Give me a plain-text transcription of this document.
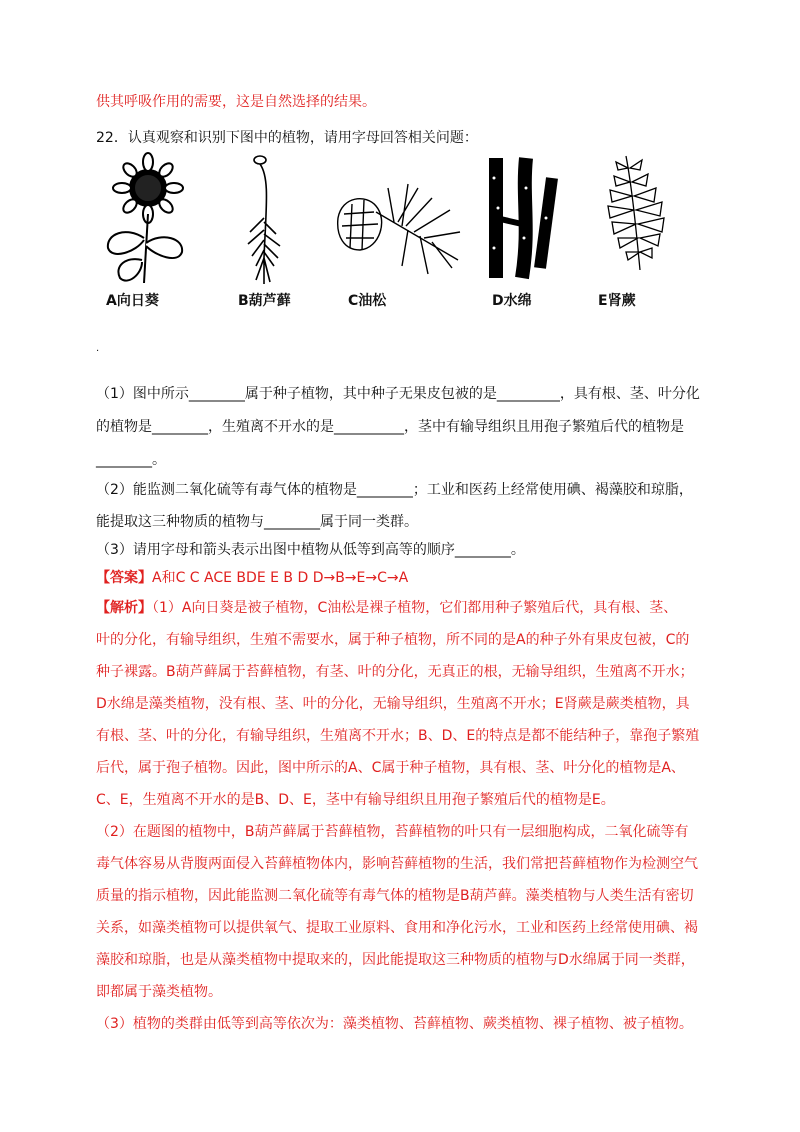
供其呼吸作用的需要，这是自然选择的结果。
22．认真观察和识别下图中的植物，请用字母回答相关问题：
A向日葵	B葫芦藓	C油松	D水绵	E肾蕨
·
（1）图中所示________属于种子植物，其中种子无果皮包被的是_________，具有根、茎、叶分化
的植物是________，生殖离不开水的是__________，茎中有输导组织且用孢子繁殖后代的植物是
________。
（2）能监测二氧化硫等有毒气体的植物是________；工业和医药上经常使用碘、褐藻胶和琼脂，
能提取这三种物质的植物与________属于同一类群。
（3）请用字母和箭头表示出图中植物从低等到高等的顺序________。
【答案】A和C C ACE BDE E B D D→B→E→C→A
【解析】（1）A向日葵是被子植物，C油松是裸子植物，它们都用种子繁殖后代，具有根、茎、
叶的分化，有输导组织，生殖不需要水，属于种子植物，所不同的是A的种子外有果皮包被，C的
种子裸露。B葫芦藓属于苔藓植物，有茎、叶的分化，无真正的根，无输导组织，生殖离不开水；
D水绵是藻类植物，没有根、茎、叶的分化，无输导组织，生殖离不开水；E肾蕨是蕨类植物，具
有根、茎、叶的分化，有输导组织，生殖离不开水；B、D、E的特点是都不能结种子，靠孢子繁殖
后代，属于孢子植物。因此，图中所示的A、C属于种子植物，具有根、茎、叶分化的植物是A、
C、E，生殖离不开水的是B、D、E，茎中有输导组织且用孢子繁殖后代的植物是E。
（2）在题图的植物中，B葫芦藓属于苔藓植物，苔藓植物的叶只有一层细胞构成，二氧化硫等有
毒气体容易从背腹两面侵入苔藓植物体内，影响苔藓植物的生活，我们常把苔藓植物作为检测空气
质量的指示植物，因此能监测二氧化硫等有毒气体的植物是B葫芦藓。藻类植物与人类生活有密切
关系，如藻类植物可以提供氧气、提取工业原料、食用和净化污水，工业和医药上经常使用碘、褐
藻胶和琼脂，也是从藻类植物中提取来的，因此能提取这三种物质的植物与D水绵属于同一类群，
即都属于藻类植物。
（3）植物的类群由低等到高等依次为：藻类植物、苔藓植物、蕨类植物、裸子植物、被子植物。
